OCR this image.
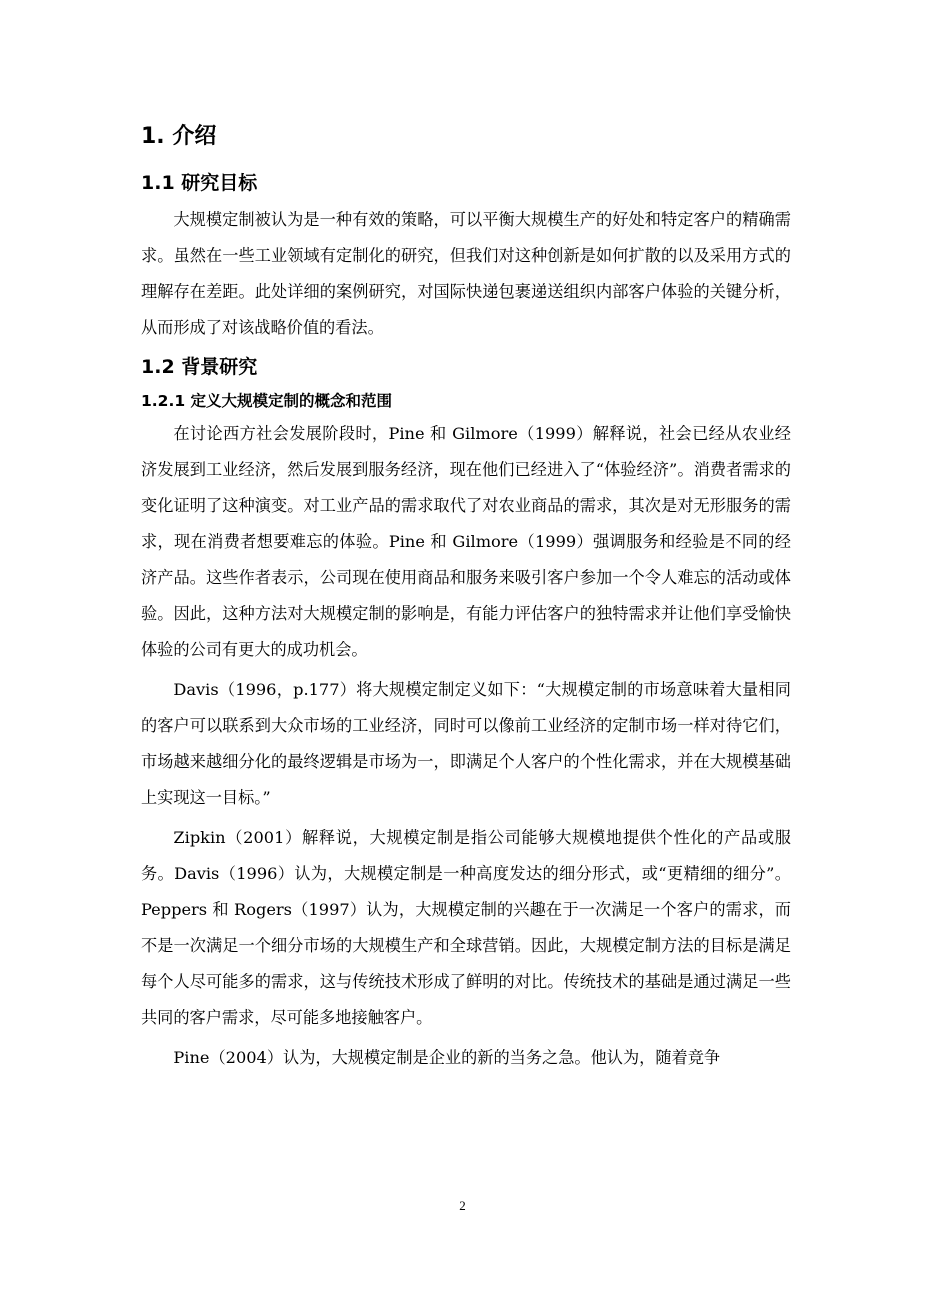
1. 介绍
1.1 研究目标

大规模定制被认为是一种有效的策略，可以平衡大规模生产的好处和特定客户的精确需求。虽然在一些工业领域有定制化的研究，但我们对这种创新是如何扩散的以及采用方式的理解存在差距。此处详细的案例研究，对国际快递包裹递送组织内部客户体验的关键分析，从而形成了对该战略价值的看法。

1.2 背景研究
1.2.1 定义大规模定制的概念和范围

在讨论西方社会发展阶段时，Pine 和 Gilmore（1999）解释说，社会已经从农业经济发展到工业经济，然后发展到服务经济，现在他们已经进入了“体验经济”。消费者需求的变化证明了这种演变。对工业产品的需求取代了对农业商品的需求，其次是对无形服务的需求，现在消费者想要难忘的体验。Pine 和 Gilmore（1999）强调服务和经验是不同的经济产品。这些作者表示，公司现在使用商品和服务来吸引客户参加一个令人难忘的活动或体验。因此，这种方法对大规模定制的影响是，有能力评估客户的独特需求并让他们享受愉快体验的公司有更大的成功机会。

Davis（1996，p.177）将大规模定制定义如下：“大规模定制的市场意味着大量相同的客户可以联系到大众市场的工业经济，同时可以像前工业经济的定制市场一样对待它们，市场越来越细分化的最终逻辑是市场为一，即满足个人客户的个性化需求，并在大规模基础上实现这一目标。”

Zipkin（2001）解释说，大规模定制是指公司能够大规模地提供个性化的产品或服务。Davis（1996）认为，大规模定制是一种高度发达的细分形式，或“更精细的细分”。 Peppers 和 Rogers（1997）认为，大规模定制的兴趣在于一次满足一个客户的需求，而不是一次满足一个细分市场的大规模生产和全球营销。因此，大规模定制方法的目标是满足每个人尽可能多的需求，这与传统技术形成了鲜明的对比。传统技术的基础是通过满足一些共同的客户需求，尽可能多地接触客户。

Pine（2004）认为，大规模定制是企业的新的当务之急。他认为，随着竞争

2
